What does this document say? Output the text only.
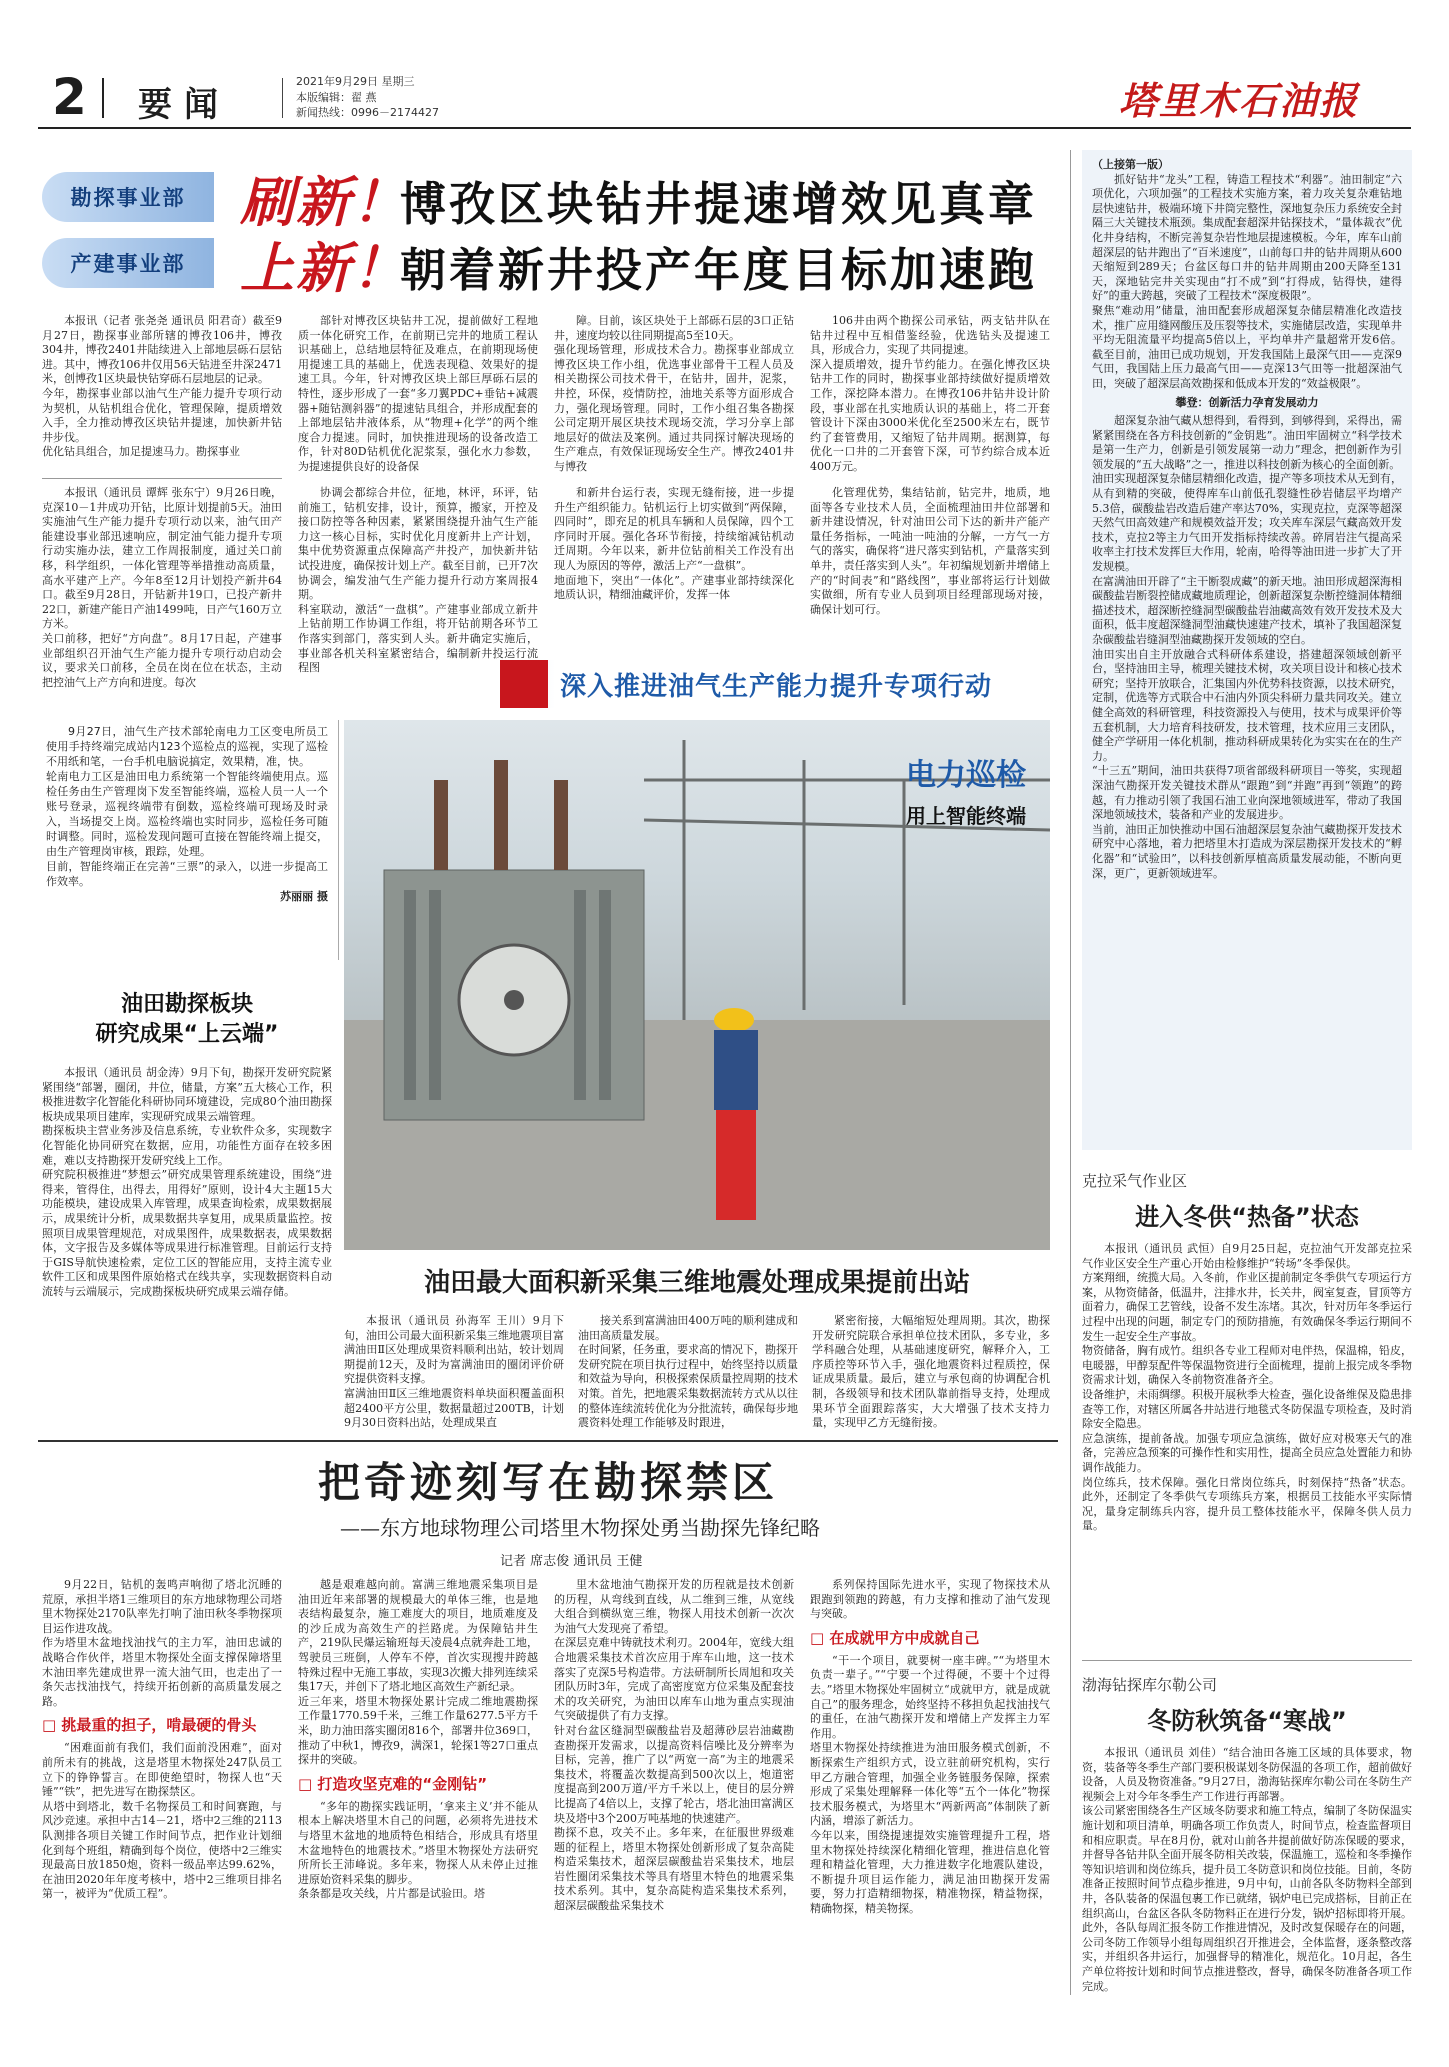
2 要闻
2021年9月29日 星期三
本版编辑：翟 燕
新闻热线：0996－2174427	塔里木石油报
勘探事业部	刷新！
博孜区块钻井提速增效见真章
产建事业部	上新！
朝着新井投产年度目标加速跑

本报讯（记者 张尧尧 通讯员 阳君奇）截至9月27日，勘探事业部所辖的博孜106井，博孜304井，博孜2401井陆续进入上部地层砾石层钻进。其中，博孜106井仅用56天钻进至井深2471米，创博孜1区块最快钻穿砾石层地层的记录。
今年，勘探事业部以油气生产能力提升专项行动为契机，从钻机组合优化，管理保障，提质增效入手，全力推动博孜区块钻井提速，加快新井钻井步伐。
优化钻具组合，加足提速马力。勘探事业

部针对博孜区块钻井工况，提前做好工程地质一体化研究工作，在前期已完井的地质工程认识基础上，总结地层特征及难点，在前期现场使用提速工具的基础上，优选表现稳、效果好的提速工具。今年，针对博孜区块上部巨厚砾石层的特性，逐步形成了一套“多刀翼PDC+垂钻+减震器+随钻测斜器”的提速钻具组合，并形成配套的上部地层钻井液体系，从“物理+化学”的两个维度合力提速。同时，加快推进现场的设备改造工作，针对80D钻机优化泥浆泵，强化水力参数，为提速提供良好的设备保

障。目前，该区块处于上部砾石层的3口正钻井，速度均较以往同期提高5至10天。
强化现场管理，形成技术合力。勘探事业部成立博孜区块工作小组，优选事业部骨干工程人员及相关勘探公司技术骨干，在钻井，固井，泥浆，井控，环保，疫情防控，油地关系等方面形成合力，强化现场管理。同时，工作小组召集各勘探公司定期开展区块技术现场交流，学习分享上部地层好的做法及案例。通过共同探讨解决现场的生产难点，有效保证现场安全生产。博孜2401井与博孜

106井由两个勘探公司承钻，两支钻井队在钻井过程中互相借鉴经验，优选钻头及提速工具，形成合力，实现了共同提速。
深入提质增效，提升节约能力。在强化博孜区块钻井工作的同时，勘探事业部持续做好提质增效工作，深挖降本潜力。在博孜106井钻井设计阶段，事业部在扎实地质认识的基础上，将二开套管设计下深由3000米优化至2500米左右，既节约了套管费用，又缩短了钻井周期。据测算，每优化一口井的二开套管下深，可节约综合成本近400万元。

本报讯（通讯员 谭辉 张东宁）9月26日晚，克深10－1井成功开钻，比原计划提前5天。油田实施油气生产能力提升专项行动以来，油气田产能建设事业部迅速响应，制定油气能力提升专项行动实施办法，建立工作周报制度，通过关口前移，科学组织，一体化管理等举措推动高质量，高水平建产上产。今年8至12月计划投产新井64口。截至9月28日，开钻新井19口，已投产新井22口，新建产能日产油1499吨，日产气160万立方米。
关口前移，把好“方向盘”。8月17日起，产建事业部组织召开油气生产能力提升专项行动启动会议，要求关口前移，全员在岗在位在状态，主动把控油气上产方向和进度。每次

协调会都综合井位，征地，林评，环评，钻前施工，钻机安排，设计，预算，搬家，开控及接口防控等各种因素，紧紧围绕提升油气生产能力这一核心目标，实时优化月度新井上产计划，集中优势资源重点保障高产井投产，加快新井钻试投进度，确保按计划上产。截至目前，已开7次协调会，编发油气生产能力提升行动方案周报4期。
科室联动，激活“一盘棋”。产建事业部成立新井上钻前期工作协调工作组，将开钻前期各环节工作落实到部门，落实到人头。新井确定实施后，事业部各机关科室紧密结合，编制新井投运行流程图

和新井台运行表，实现无缝衔接，进一步提升生产组织能力。钻机运行上切实做到“两保障，四同时”，即充足的机具车辆和人员保障，四个工序同时开展。强化各环节衔接，持续缩减钻机动迁周期。今年以来，新井位钻前相关工作没有出现人为原因的等停，激活上产“一盘棋”。
地面地下，突出“一体化”。产建事业部持续深化地质认识，精细油藏评价，发挥一体

化管理优势，集结钻前，钻完井，地质，地面等各专业技术人员，全面梳理油田井位部署和新井建设情况，针对油田公司下达的新井产能产量任务指标，一吨油一吨油的分解，一方气一方气的落实，确保将“进尺落实到钻机，产量落实到单井，责任落实到人头”。年初编规划新井增储上产的“时间表”和“路线图”，事业部将运行计划做实做细，所有专业人员到项目经理部现场对接，确保计划可行。

深入推进油气生产能力提升专项行动

9月27日，油气生产技术部轮南电力工区变电所员工使用手持终端完成站内123个巡检点的巡视，实现了巡检不用纸和笔，一台手机电脑说搞定，效果精，准，快。
轮南电力工区是油田电力系统第一个智能终端使用点。巡检任务由生产管理岗下发至智能终端，巡检人员一人一个账号登录，巡视终端带有倒数，巡检终端可现场及时录入，当场提交上岗。巡检终端也实时同步，巡检任务可随时调整。同时，巡检发现问题可直接在智能终端上提交，由生产管理岗审核，跟踪，处理。
目前，智能终端正在完善“三票”的录入，以进一步提高工作效率。

苏丽丽 摄
电力巡检
用上智能终端
油田勘探板块
研究成果“上云端”

本报讯（通讯员 胡金涛）9月下旬，勘探开发研究院紧紧围绕“部署，圈闭，井位，储量，方案”五大核心工作，积极推进数字化智能化科研协同环境建设，完成80个油田勘探板块成果项目建库，实现研究成果云端管理。
勘探板块主营业务涉及信息系统，专业软件众多，实现数字化智能化协同研究在数据，应用，功能性方面存在较多困难，难以支持勘探开发研究线上工作。
研究院积极推进“梦想云”研究成果管理系统建设，围绕“进得来，管得住，出得去，用得好”原则，设计4大主题15大功能模块，建设成果入库管理，成果查询检索，成果数据展示，成果统计分析，成果数据共享复用，成果质量监控。按照项目成果管理规范，对成果图件，成果数据表，成果数据体，文字报告及多媒体等成果进行标准管理。目前运行支持于GIS导航快速检索，定位工区的智能应用，支持主流专业软件工区和成果图件原始格式在线共享，实现数据资料自动流转与云端展示，完成勘探板块研究成果云端存储。	油田最大面积新采集三维地震处理成果提前出站

本报讯（通讯员 孙海军 王川）9月下旬，油田公司最大面积新采集三维地震项目富满油田Ⅱ区处理成果资料顺利出站，较计划周期提前12天，及时为富满油田的圈闭评价研究提供资料支撑。
富满油田Ⅱ区三维地震资料单块面积覆盖面积超2400平方公里，数据量超过200TB，计划9月30日资料出站，处理成果直

接关系到富满油田400万吨的顺利建成和油田高质量发展。
在时间紧，任务重，要求高的情况下，勘探开发研究院在项目执行过程中，始终坚持以质量和效益为导向，积极探索保质量控周期的技术对策。首先，把地震采集数据流转方式从以往的整体连续流转优化为分批流转，确保每步地震资料处理工作能够及时跟进，

紧密衔接，大幅缩短处理周期。其次，勘探开发研究院联合承担单位技术团队，多专业，多学科融合处理，从基础速度研究，解释介入，工序质控等环节入手，强化地震资料过程质控，保证成果质量。最后，建立与承包商的协调配合机制，各级领导和技术团队靠前指导支持，处理成果环节全面跟踪落实，大大增强了技术支持力量，实现甲乙方无缝衔接。

（上接第一版）

抓好钻井“龙头”工程，铸造工程技术“利器”。油田制定“六项优化，六项加强”的工程技术实施方案，着力攻关复杂难钻地层快速钻井，极端环境下井筒完整性，深地复杂压力系统安全封隔三大关键技术瓶颈。集成配套超深井钻探技术，“量体裁衣”优化井身结构，不断完善复杂岩性地层提速模板。今年，库车山前超深层的钻井跑出了“百米速度”，山前每口井的钻井周期从600天缩短到289天；台盆区每口井的钻井周期由200天降至131天，深地钻完井关实现由“打不成”到“打得成，钻得快，建得好”的重大跨越，突破了工程技术“深度极限”。
聚焦“难动用”储量，油田配套形成超深复杂储层精准化改造技术，推广应用缝网酸压及压裂等技术，实施储层改造，实现单井平均无阻流量平均提高5倍以上，平均单井产量超常开发6倍。截至目前，油田已成功规划，开发我国陆上最深气田——克深9气田，我国陆上压力最高气田——克深13气田等一批超深油气田，突破了超深层高效勘探和低成本开发的“效益极限”。

攀登：创新活力孕育发展动力

超深复杂油气藏从想得到，看得到，到够得到，采得出，需紧紧围绕在各方科技创新的“金钥匙”。油田牢固树立“科学技术是第一生产力，创新是引领发展第一动力”理念，把创新作为引领发展的“五大战略”之一，推进以科技创新为核心的全面创新。
油田实现超深复杂储层精细化改造，提产等多项技术从无到有，从有到精的突破，使得库车山前低孔裂缝性砂岩储层平均增产5.3倍，碳酸盐岩改造后建产率达70%，实现克拉，克深等超深天然气田高效建产和规模效益开发；攻关库车深层气藏高效开发技术，克拉2等主力气田开发指标持续改善。碎屑岩注气提高采收率主打技术发挥巨大作用，轮南，哈得等油田进一步扩大了开发规模。
在富满油田开辟了“主干断裂成藏”的新天地。油田形成超深海相碳酸盐岩断裂控储成藏地质理论，创新超深复杂断控缝洞体精细描述技术，超深断控缝洞型碳酸盐岩油藏高效有效开发技术及大面积，低丰度超深缝洞型油藏快速建产技术，填补了我国超深复杂碳酸盐岩缝洞型油藏勘探开发领域的空白。
油田实出自主开放融合式科研体系建设，搭建超深领域创新平台，坚持油田主导，梳理关键技术树，攻关项目设计和核心技术研究；坚持开放联合，汇集国内外优势科技资源，以技术研究，定制，优选等方式联合中石油内外顶尖科研力量共同攻关。建立健全高效的科研管理，科技资源投入与使用，技术与成果评价等五套机制，大力培育科技研发，技术管理，技术应用三支团队，健全产学研用一体化机制，推动科研成果转化为实实在在的生产力。
“十三五”期间，油田共获得7项省部级科研项目一等奖，实现超深油气勘探开发关键技术群从“跟跑”到“并跑”再到“领跑”的跨越，有力推动引领了我国石油工业向深地领域进军，带动了我国深地领域技术，装备和产业的发展进步。
当前，油田正加快推动中国石油超深层复杂油气藏勘探开发技术研究中心落地，着力把塔里木打造成为深层勘探开发技术的“孵化器”和“试验田”，以科技创新厚植高质量发展动能，不断向更深，更广，更新领域进军。

克拉采气作业区
进入冬供“热备”状态

本报讯（通讯员 武恒）自9月25日起，克拉油气开发部克拉采气作业区安全生产重心开始由检修维护“转场”冬季保供。
方案翔细，统揽大局。入冬前，作业区提前制定冬季供气专项运行方案，从物资储备，低温井，注排水井，长关井，阀室复查，冒顶等方面着力，确保工艺管线，设备不发生冻堵。其次，针对历年冬季运行过程中出现的问题，制定专门的预防措施，有效确保冬季运行期间不发生一起安全生产事故。
物资储备，胸有成竹。组织各专业工程师对电伴热，保温棉，铅皮，电暖器，甲醇泵配件等保温物资进行全面梳理，提前上报完成冬季物资需求计划，确保入冬前物资准备齐全。
设备维护，未雨绸缪。积极开展秋季大检查，强化设备维保及隐患排查等工作，对辖区所属各井站进行地毯式冬防保温专项检查，及时消除安全隐患。
应急演练，提前备战。加强专项应急演练，做好应对极寒天气的准备，完善应急预案的可操作性和实用性，提高全员应急处置能力和协调作战能力。
岗位练兵，技术保障。强化日常岗位练兵，时刻保持“热备”状态。此外，还制定了冬季供气专项练兵方案，根据员工技能水平实际情况，量身定制练兵内容，提升员工整体技能水平，保障冬供人员力量。

渤海钻探库尔勒公司
冬防秋筑备“寒战”

本报讯（通讯员 刘佳）“结合油田各施工区域的具体要求，物资，装备等冬季生产部门要积极谋划冬防保温的各项工作，超前做好设备，人员及物资准备。”9月27日，渤海钻探库尔勒公司在冬防生产视频会上对今年冬季生产工作进行再部署。
该公司紧密围绕各生产区域冬防要求和施工特点，编制了冬防保温实施计划和项目清单，明确各项工作负责人，时间节点，检查监督项目和相应职责。早在8月份，就对山前各井提前做好防冻保暖的要求，并督导各钻井队全面开展冬防相关改装，保温施工，巡检和冬季操作等知识培训和岗位练兵，提升员工冬防意识和岗位技能。目前，冬防准备正按照时间节点稳步推进，9月中旬，山前各队冬防物料全部到井，各队装备的保温包裹工作已就绪，锅炉电已完成搭标，目前正在组织高山，台盆区各队冬防物料正在进行分发，锅炉招标即将开展。
此外，各队每周汇报冬防工作推进情况，及时改复保暖存在的问题，公司冬防工作领导小组每周组织召开推进会，全体监督，逐条整改落实，并组织各井运行，加强督导的精准化，规范化。10月起，各生产单位将按计划和时间节点推进整改，督导，确保冬防准备各项工作完成。

把奇迹刻写在勘探禁区
——东方地球物理公司塔里木物探处勇当勘探先锋纪略
记者 席志俊 通讯员 王健

9月22日，钻机的轰鸣声响彻了塔北沉睡的荒原，承担半塔1三维项目的东方地球物理公司塔里木物探处2170队率先打响了油田秋冬季物探项目运作进攻战。
作为塔里木盆地找油找气的主力军，油田忠诚的战略合作伙伴，塔里木物探处全面支撑保障塔里木油田率先建成世界一流大油气田，也走出了一条矢志找油找气，持续开拓创新的高质量发展之路。

□ 挑最重的担子，啃最硬的骨头

“困难面前有我们，我们面前没困难”，面对前所未有的挑战，这是塔里木物探处247队员工立下的铮铮誓言。在即使绝望时，物探人也“天锤”“铁”，把先进写在勘探禁区。
从塔中到塔北，数千名物探员工和时间赛跑，与风沙竞速。承担中古14－21，塔中2三维的2113队测排各项目关键工作时间节点，把作业计划细化到每个班组，精确到每个岗位，使塔中2三维实现最高日放1850炮，资料一级品率达99.62%，在油田2020年年度考核中，塔中2三维项目排名第一，被评为“优质工程”。

越是艰难越向前。富满三维地震采集项目是油田近年来部署的规模最大的单体三维，也是地表结构最复杂，施工难度大的项目，地质难度及的沙丘成为高效生产的拦路虎。为保障钻井生产，219队民爆运输班每天凌晨4点就奔赴工地，驾驶员三班倒，人停车不停，首次实现搜井跨越特殊过程中无施工事故，实现3次搬大排列连续采集17天，并创下了塔北地区高效生产新纪录。
近三年来，塔里木物探处累计完成二维地震勘探工作量1770.59千米，三维工作量6277.5平方千米，助力油田落实圈闭816个，部署井位369口，推动了中秋1，博孜9，满深1，轮探1等27口重点探井的突破。

□ 打造攻坚克难的“金刚钻”

“多年的勘探实践证明，‘拿来主义’并不能从根本上解决塔里木自己的问题，必须将先进技术与塔里木盆地的地质特色相结合，形成具有塔里木盆地特色的地震技术。”塔里木物探处方法研究所所长王沛峰说。多年来，物探人从未停止过推进原始资料采集的脚步。
条条都是攻关线，片片都是试验田。塔

里木盆地油气勘探开发的历程就是技术创新的历程，从弯线到直线，从二维到三维，从宽线大组合到横纵宽三维，物探人用技术创新一次次为油气大发现亮了希望。
在深层克难中铸就技术利刃。2004年，宽线大组合地震采集技术首次应用于库车山地，这一技术落实了克深5号构造带。方法研制所长周旭和攻关团队历时3年，完成了高密度宽方位采集及配套技术的攻关研究，为油田以库车山地为重点实现油气突破提供了有力支撑。
针对台盆区缝洞型碳酸盐岩及超薄砂层岩油藏勘查勘探开发需求，以提高资料信噪比及分辨率为目标，完善，推广了以“两宽一高”为主的地震采集技术，将覆盖次数提高到500次以上，炮道密度提高到200万道/平方千米以上，使目的层分辨比提高了4倍以上，支撑了轮古，塔北油田富满区块及塔中3个200万吨基地的快速建产。
勘探不息，攻关不止。多年来，在征服世界级难题的征程上，塔里木物探处创新形成了复杂高陡构造采集技术，超深层碳酸盐岩采集技术，地层岩性圈闭采集技术等具有塔里木特色的地震采集技术系列。其中，复杂高陡构造采集技术系列，超深层碳酸盐采集技术

系列保持国际先进水平，实现了物探技术从跟跑到领跑的跨越，有力支撑和推动了油气发现与突破。

□ 在成就甲方中成就自己

“干一个项目，就要树一座丰碑。”“为塔里木负责一辈子。”“宁要一个过得硬，不要十个过得去。”塔里木物探处牢固树立“成就甲方，就是成就自己”的服务理念，始终坚持不移担负起找油找气的重任，在油气勘探开发和增储上产发挥主力军作用。
塔里木物探处持续推进为油田服务模式创新，不断探索生产组织方式，设立驻前研究机构，实行甲乙方融合管理，加强全业务链服务保障，探索形成了采集处理解释一体化等“五个一体化”物探技术服务模式，为塔里木“两新两高”体制陕了新内涵，增添了新活力。
今年以来，围绕提速提效实施管理提升工程，塔里木物探处持续深化精细化管理，推进信息化管理和精益化管理，大力推进数字化地震队建设，不断提升项目运作能力，满足油田勘探开发需要，努力打造精细物探，精准物探，精益物探，精确物探，精美物探。
